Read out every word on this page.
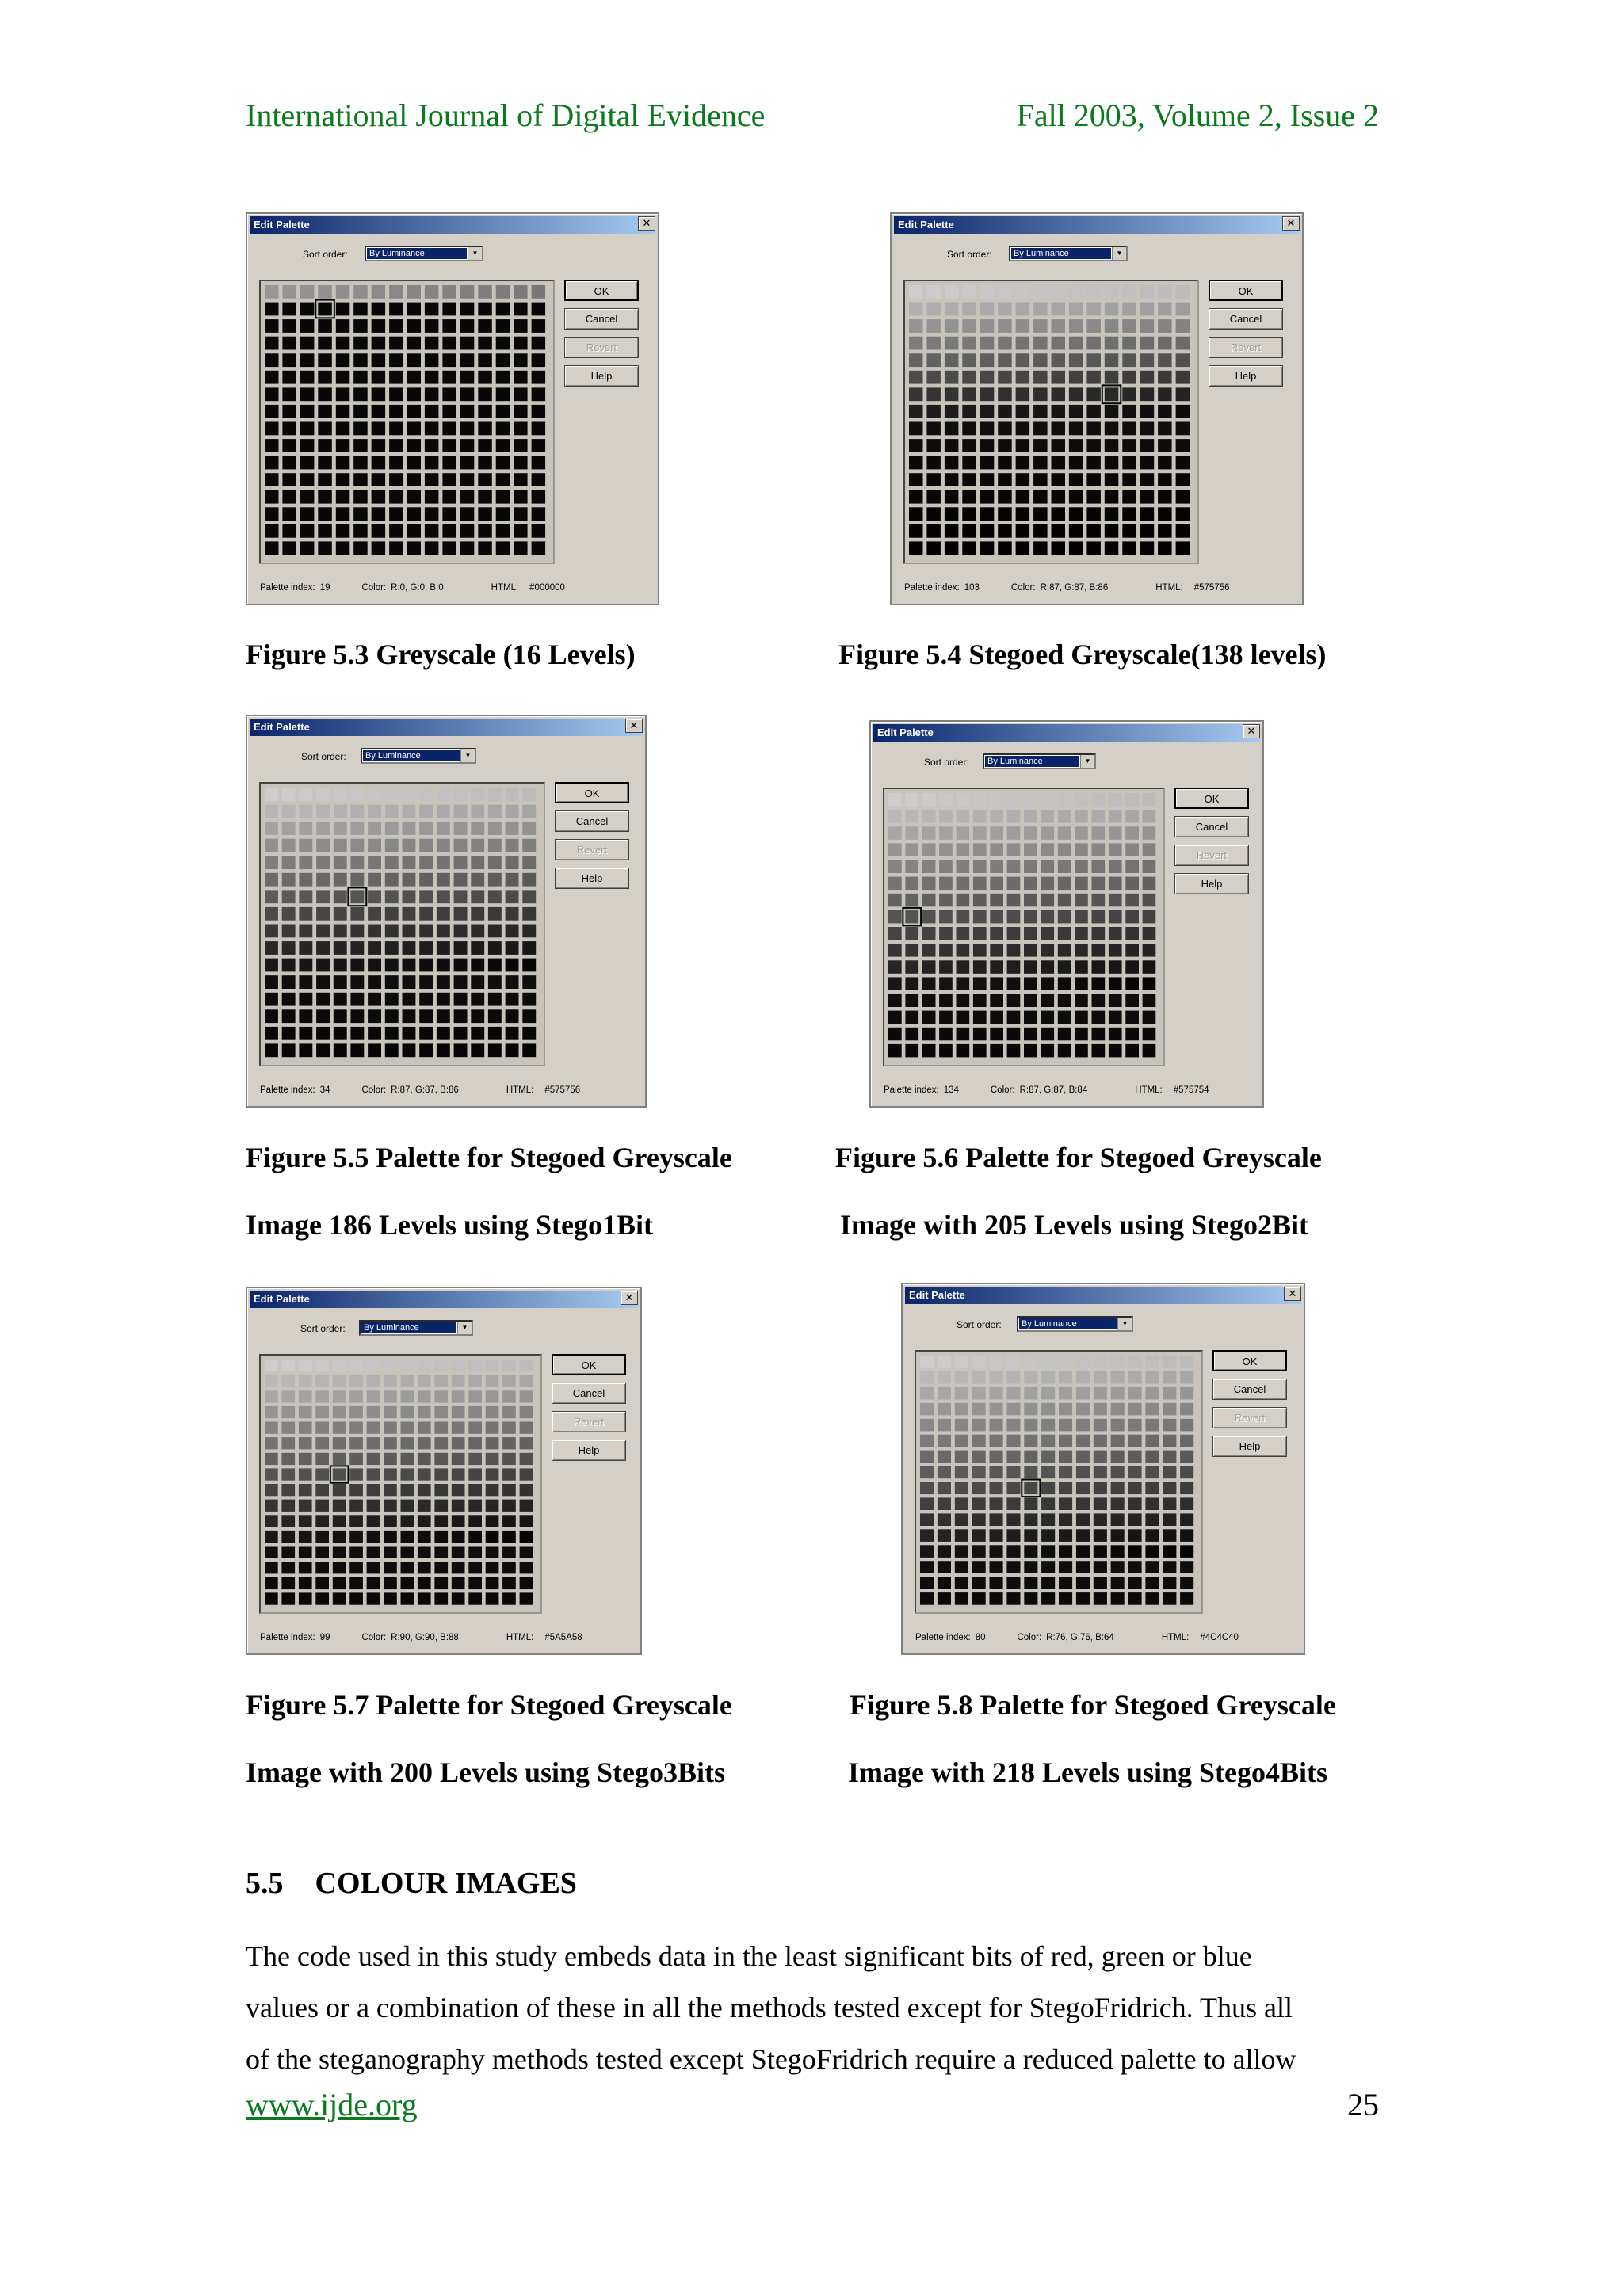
International Journal of Digital Evidence	Fall 2003, Volume 2, Issue 2
Edit Palette	✕
Sort order: By Luminance	▼
OK
Cancel
Revert
Help
Palette index: 19	Color: R:0, G:0, B:0	HTML: #000000
Edit Palette	✕
Sort order: By Luminance	▼
OK
Cancel
Revert
Help
Palette index: 103	Color: R:87, G:87, B:86	HTML: #575756
Edit Palette	✕
Sort order: By Luminance	▼
OK
Cancel
Revert
Help
Palette index: 34	Color: R:87, G:87, B:86	HTML: #575756
Edit Palette	✕
Sort order: By Luminance	▼
OK
Cancel
Revert
Help
Palette index: 134	Color: R:87, G:87, B:84	HTML: #575754
Edit Palette	✕
Sort order: By Luminance	▼
OK
Cancel
Revert
Help
Palette index: 99	Color: R:90, G:90, B:88	HTML: #5A5A58
Edit Palette	✕
Sort order: By Luminance	▼
OK
Cancel
Revert
Help
Palette index: 80	Color: R:76, G:76, B:64	HTML: #4C4C40
Figure 5.3 Greyscale (16 Levels)	Figure 5.4 Stegoed Greyscale(138 levels)
Figure 5.5 Palette for Stegoed Greyscale
Image 186 Levels using Stego1Bit
Figure 5.6 Palette for Stegoed Greyscale
Image with 205 Levels using Stego2Bit
Figure 5.7 Palette for Stegoed Greyscale
Image with 200 Levels using Stego3Bits
Figure 5.8 Palette for Stegoed Greyscale
Image with 218 Levels using Stego4Bits
5.5 COLOUR IMAGES
The code used in this study embeds data in the least significant bits of red, green or blue
values or a combination of these in all the methods tested except for StegoFridrich. Thus all
of the steganography methods tested except StegoFridrich require a reduced palette to allow
www.ijde.org	25
